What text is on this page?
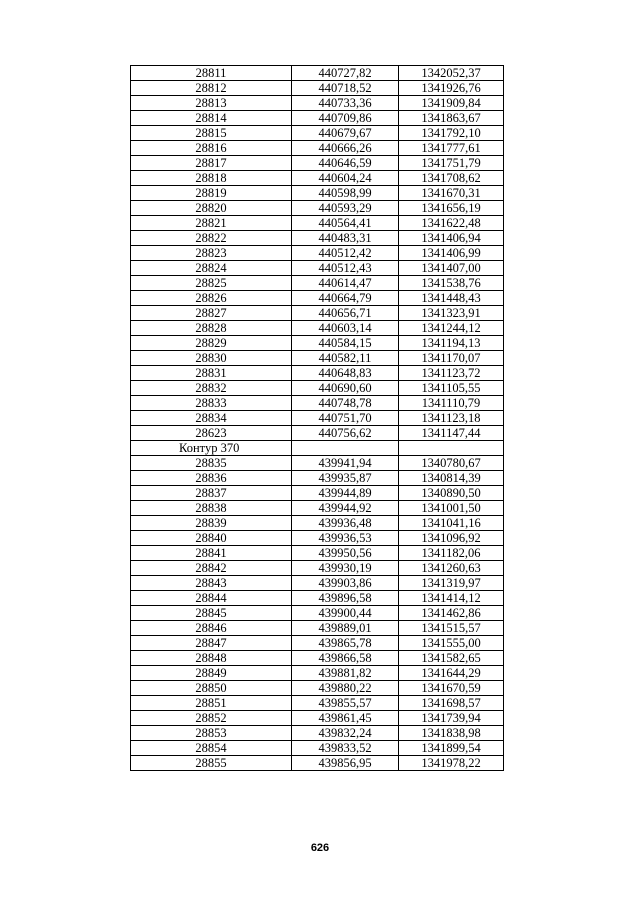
28811	440727,82	1342052,37
28812	440718,52	1341926,76
28813	440733,36	1341909,84
28814	440709,86	1341863,67
28815	440679,67	1341792,10
28816	440666,26	1341777,61
28817	440646,59	1341751,79
28818	440604,24	1341708,62
28819	440598,99	1341670,31
28820	440593,29	1341656,19
28821	440564,41	1341622,48
28822	440483,31	1341406,94
28823	440512,42	1341406,99
28824	440512,43	1341407,00
28825	440614,47	1341538,76
28826	440664,79	1341448,43
28827	440656,71	1341323,91
28828	440603,14	1341244,12
28829	440584,15	1341194,13
28830	440582,11	1341170,07
28831	440648,83	1341123,72
28832	440690,60	1341105,55
28833	440748,78	1341110,79
28834	440751,70	1341123,18
28623	440756,62	1341147,44
Контур 370		
28835	439941,94	1340780,67
28836	439935,87	1340814,39
28837	439944,89	1340890,50
28838	439944,92	1341001,50
28839	439936,48	1341041,16
28840	439936,53	1341096,92
28841	439950,56	1341182,06
28842	439930,19	1341260,63
28843	439903,86	1341319,97
28844	439896,58	1341414,12
28845	439900,44	1341462,86
28846	439889,01	1341515,57
28847	439865,78	1341555,00
28848	439866,58	1341582,65
28849	439881,82	1341644,29
28850	439880,22	1341670,59
28851	439855,57	1341698,57
28852	439861,45	1341739,94
28853	439832,24	1341838,98
28854	439833,52	1341899,54
28855	439856,95	1341978,22
626
